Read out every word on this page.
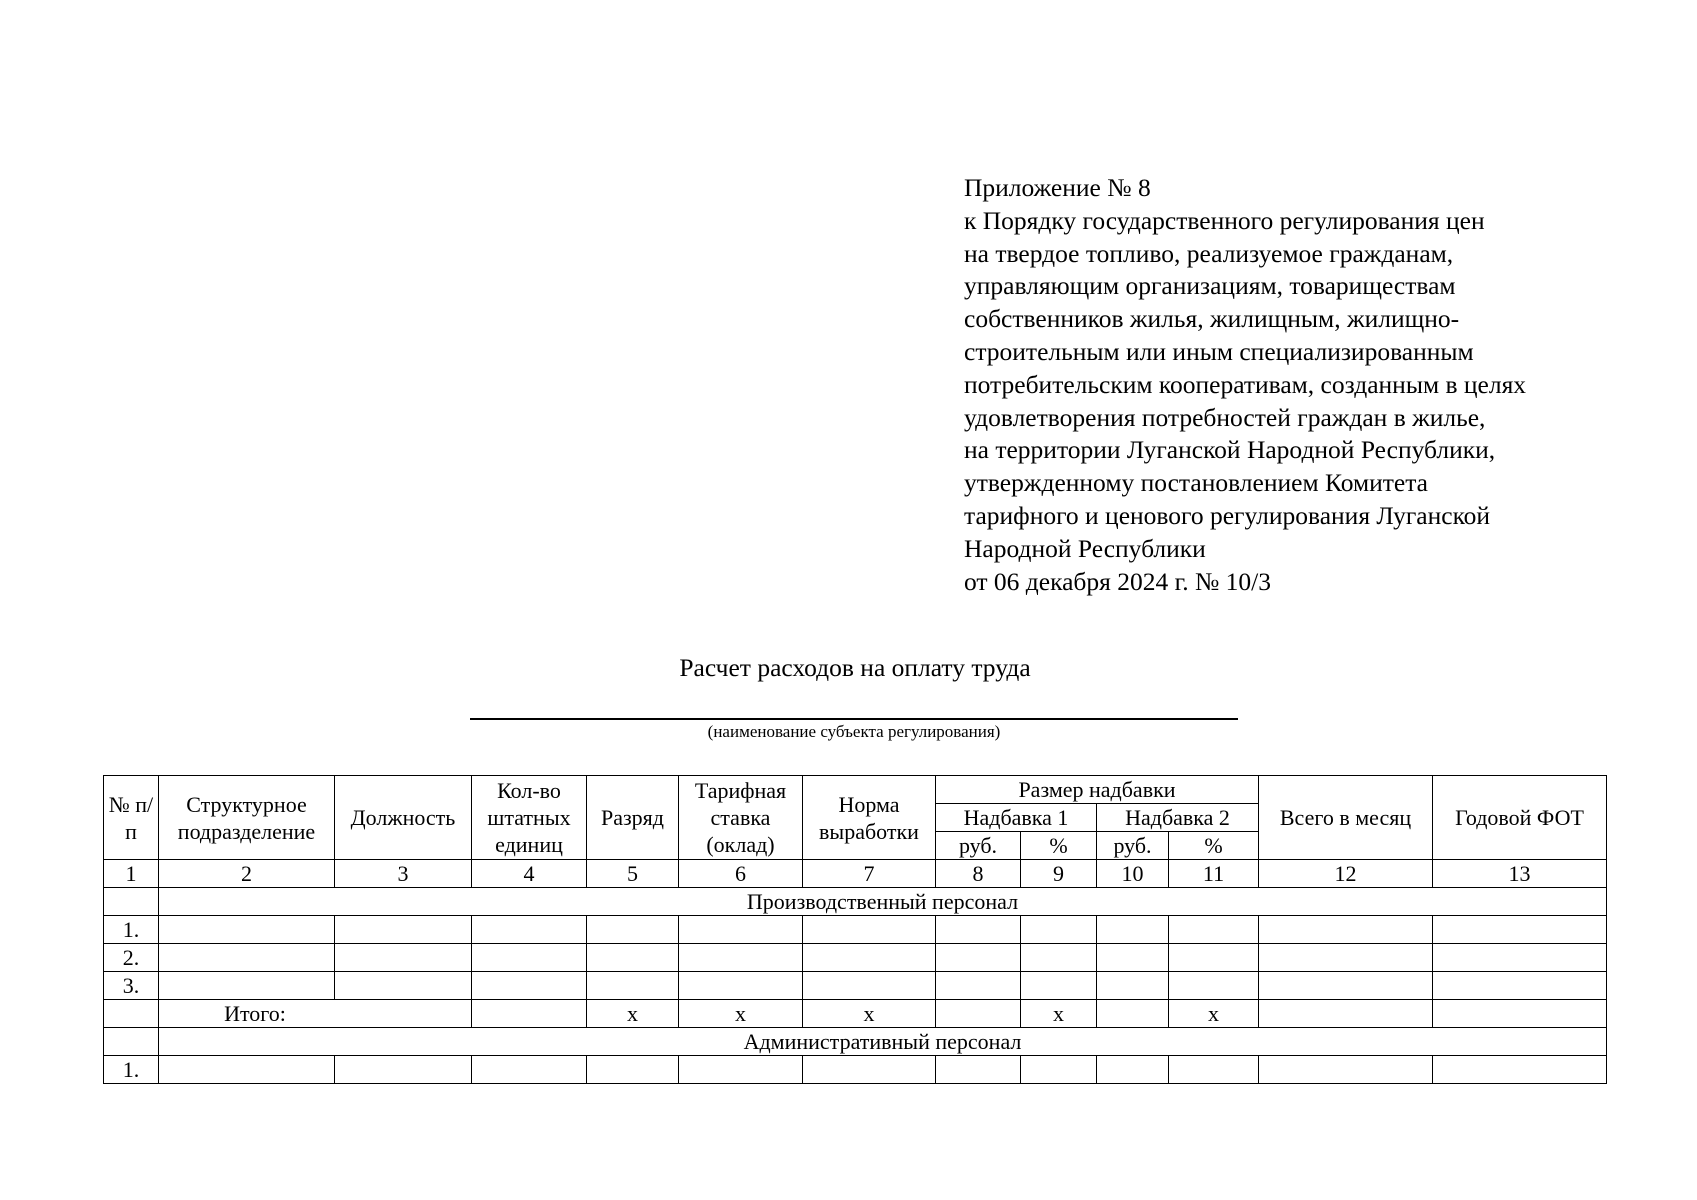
Приложение № 8
к Порядку государственного регулирования цен
на твердое топливо, реализуемое гражданам,
управляющим организациям, товариществам
собственников жилья, жилищным, жилищно-
строительным или иным специализированным
потребительским кооперативам, созданным в целях
удовлетворения потребностей граждан в жилье,
на территории Луганской Народной Республики,
утвержденному постановлением Комитета
тарифного и ценового регулирования Луганской
Народной Республики
от 06 декабря 2024 г. № 10/3
Расчет расходов на оплату труда
(наименование субъекта регулирования)
№ п/п	Структурное подразделение	Должность	Кол-во штатных единиц	Разряд	Тарифная ставка (оклад)	Норма выработки	Размер надбавки				Всего в месяц	Годовой ФОТ
							Надбавка 1		Надбавка 2			
							руб.	%	руб.	%		
1	2	3	4	5	6	7	8	9	10	11	12	13
	Производственный персонал											
1.												
2.												
3.												
	Итого:			x	x	x		x		x		
	Административный персонал											
1.												
